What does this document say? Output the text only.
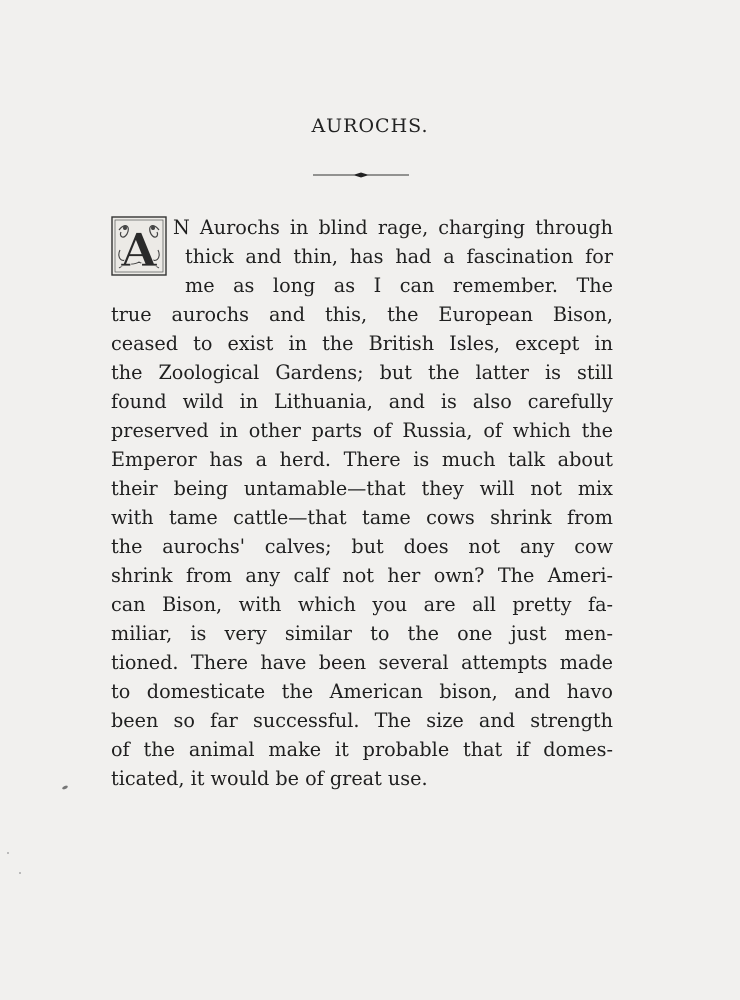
AUROCHS.
A N Aurochs in blind rage, charging through
thick and thin, has had a fascination for
me as long as I can remember. The
true aurochs and this, the European Bison,
ceased to exist in the British Isles, except in
the Zoological Gardens; but the latter is still
found wild in Lithuania, and is also carefully
preserved in other parts of Russia, of which the
Emperor has a herd. There is much talk about
their being untamable—that they will not mix
with tame cattle—that tame cows shrink from
the aurochs' calves; but does not any cow
shrink from any calf not her own? The Ameri-
can Bison, with which you are all pretty fa-
miliar, is very similar to the one just men-
tioned. There have been several attempts made
to domesticate the American bison, and havo
been so far successful. The size and strength
of the animal make it probable that if domes-
ticated, it would be of great use.
